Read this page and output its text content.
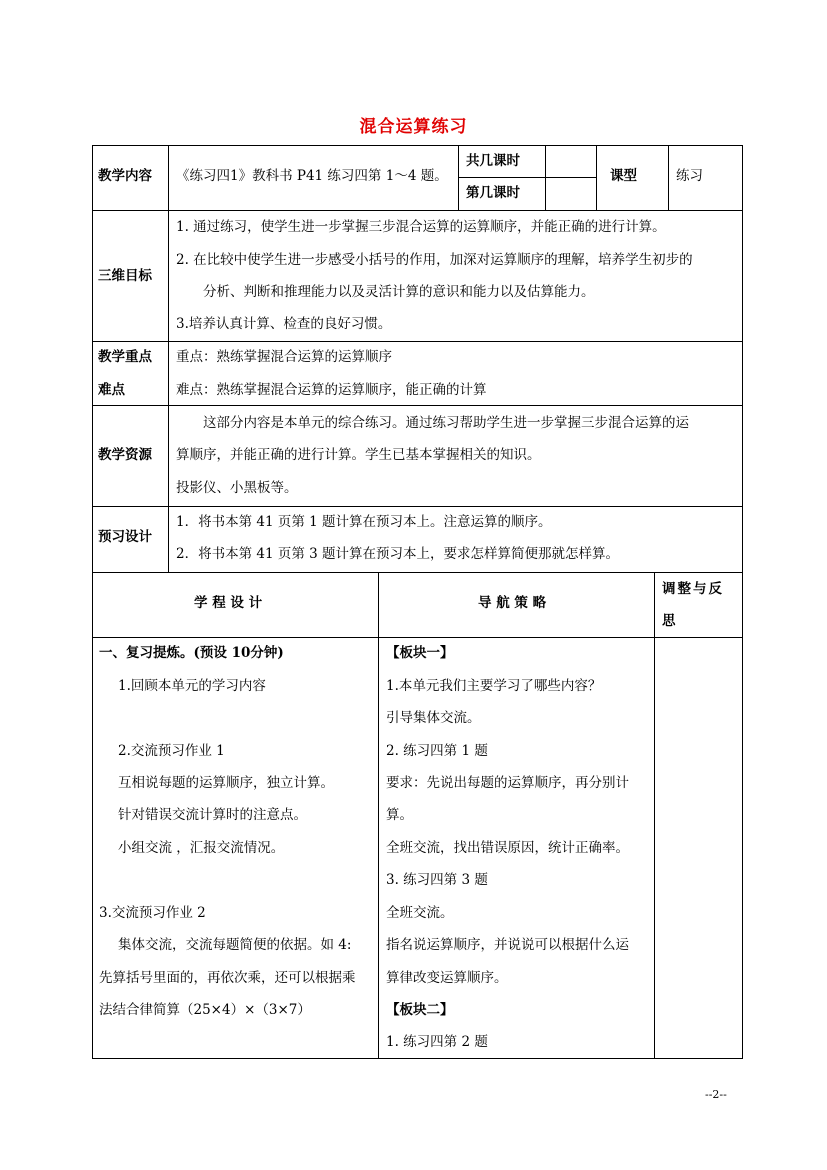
混合运算练习
教学内容 《练习四1》教科书 P41 练习四第 1～4 题。
共几课时
第几课时
课型	练习
三维目标
1. 通过练习，使学生进一步掌握三步混合运算的运算顺序，并能正确的进行计算。
2. 在比较中使学生进一步感受小括号的作用，加深对运算顺序的理解，培养学生初步的
分析、判断和推理能力以及灵活计算的意识和能力以及估算能力。
3.培养认真计算、检查的良好习惯。
教学重点
难点
重点：熟练掌握混合运算的运算顺序
难点：熟练掌握混合运算的运算顺序，能正确的计算
教学资源
这部分内容是本单元的综合练习。通过练习帮助学生进一步掌握三步混合运算的运
算顺序，并能正确的进行计算。学生已基本掌握相关的知识。
投影仪、小黑板等。
预习设计
1．将书本第 41 页第 1 题计算在预习本上。注意运算的顺序。
2．将书本第 41 页第 3 题计算在预习本上，要求怎样算简便那就怎样算。
学 程 设 计	导 航 策 略
调整与反
思
一、复习提炼。(预设 10分钟)
1.回顾本单元的学习内容
2.交流预习作业 1
互相说每题的运算顺序，独立计算。
针对错误交流计算时的注意点。
小组交流 ，汇报交流情况。
3.交流预习作业 2
集体交流，交流每题简便的依据。如 4:
先算括号里面的，再依次乘，还可以根据乘
法结合律简算（25×4）×（3×7）
【板块一】
1.本单元我们主要学习了哪些内容？
引导集体交流。
2. 练习四第 1 题
要求：先说出每题的运算顺序，再分别计
算。
全班交流，找出错误原因，统计正确率。
3. 练习四第 3 题
全班交流。
指名说运算顺序，并说说可以根据什么运
算律改变运算顺序。
【板块二】
1. 练习四第 2 题
--2--
